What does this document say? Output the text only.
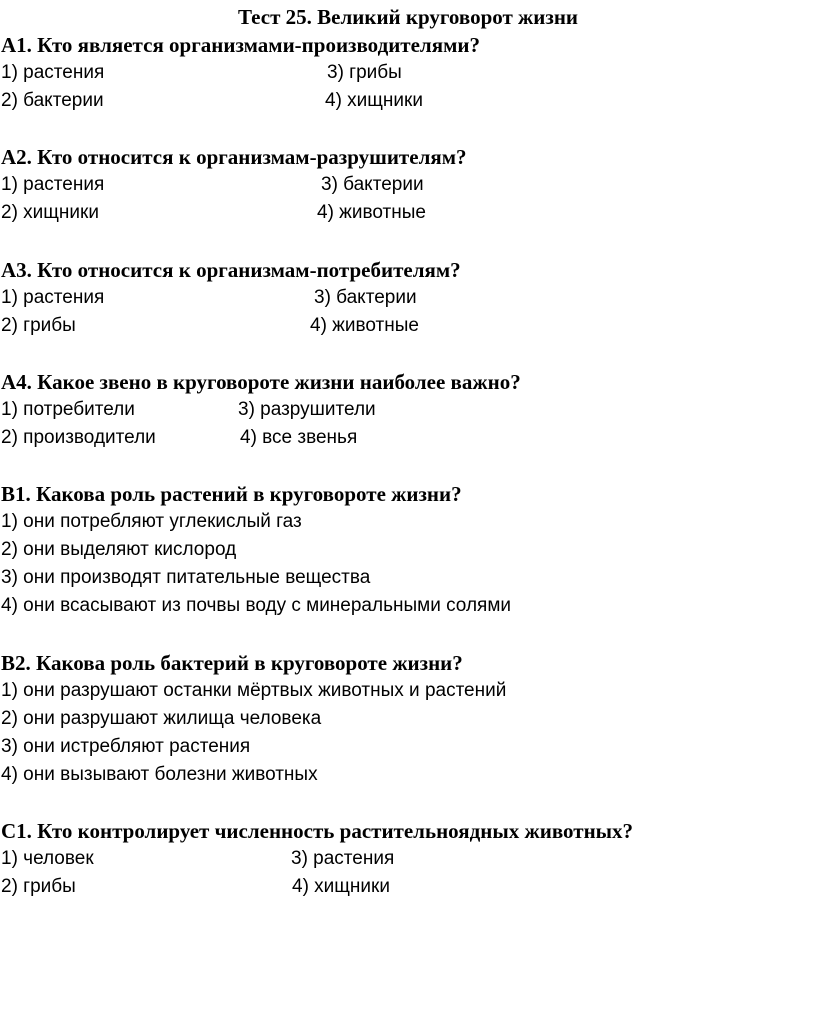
Тест 25. Великий круговорот жизни
А1. Кто является организмами-производителями?
1) растения	3) грибы
2) бактерии	4) хищники
А2. Кто относится к организмам-разрушителям?
1) растения	3) бактерии
2) хищники	4) животные
А3. Кто относится к организмам-потребителям?
1) растения	3) бактерии
2) грибы	4) животные
А4. Какое звено в круговороте жизни наиболее важно?
1) потребители	3) разрушители
2) производители	4) все звенья
В1. Какова роль растений в круговороте жизни?
1) они потребляют углекислый газ
2) они выделяют кислород
3) они производят питательные вещества
4) они всасывают из почвы воду с минеральными солями
В2. Какова роль бактерий в круговороте жизни?
1) они разрушают останки мёртвых животных и растений
2) они разрушают жилища человека
3) они истребляют растения
4) они вызывают болезни животных
С1. Кто контролирует численность растительноядных животных?
1) человек	3) растения
2) грибы	4) хищники
